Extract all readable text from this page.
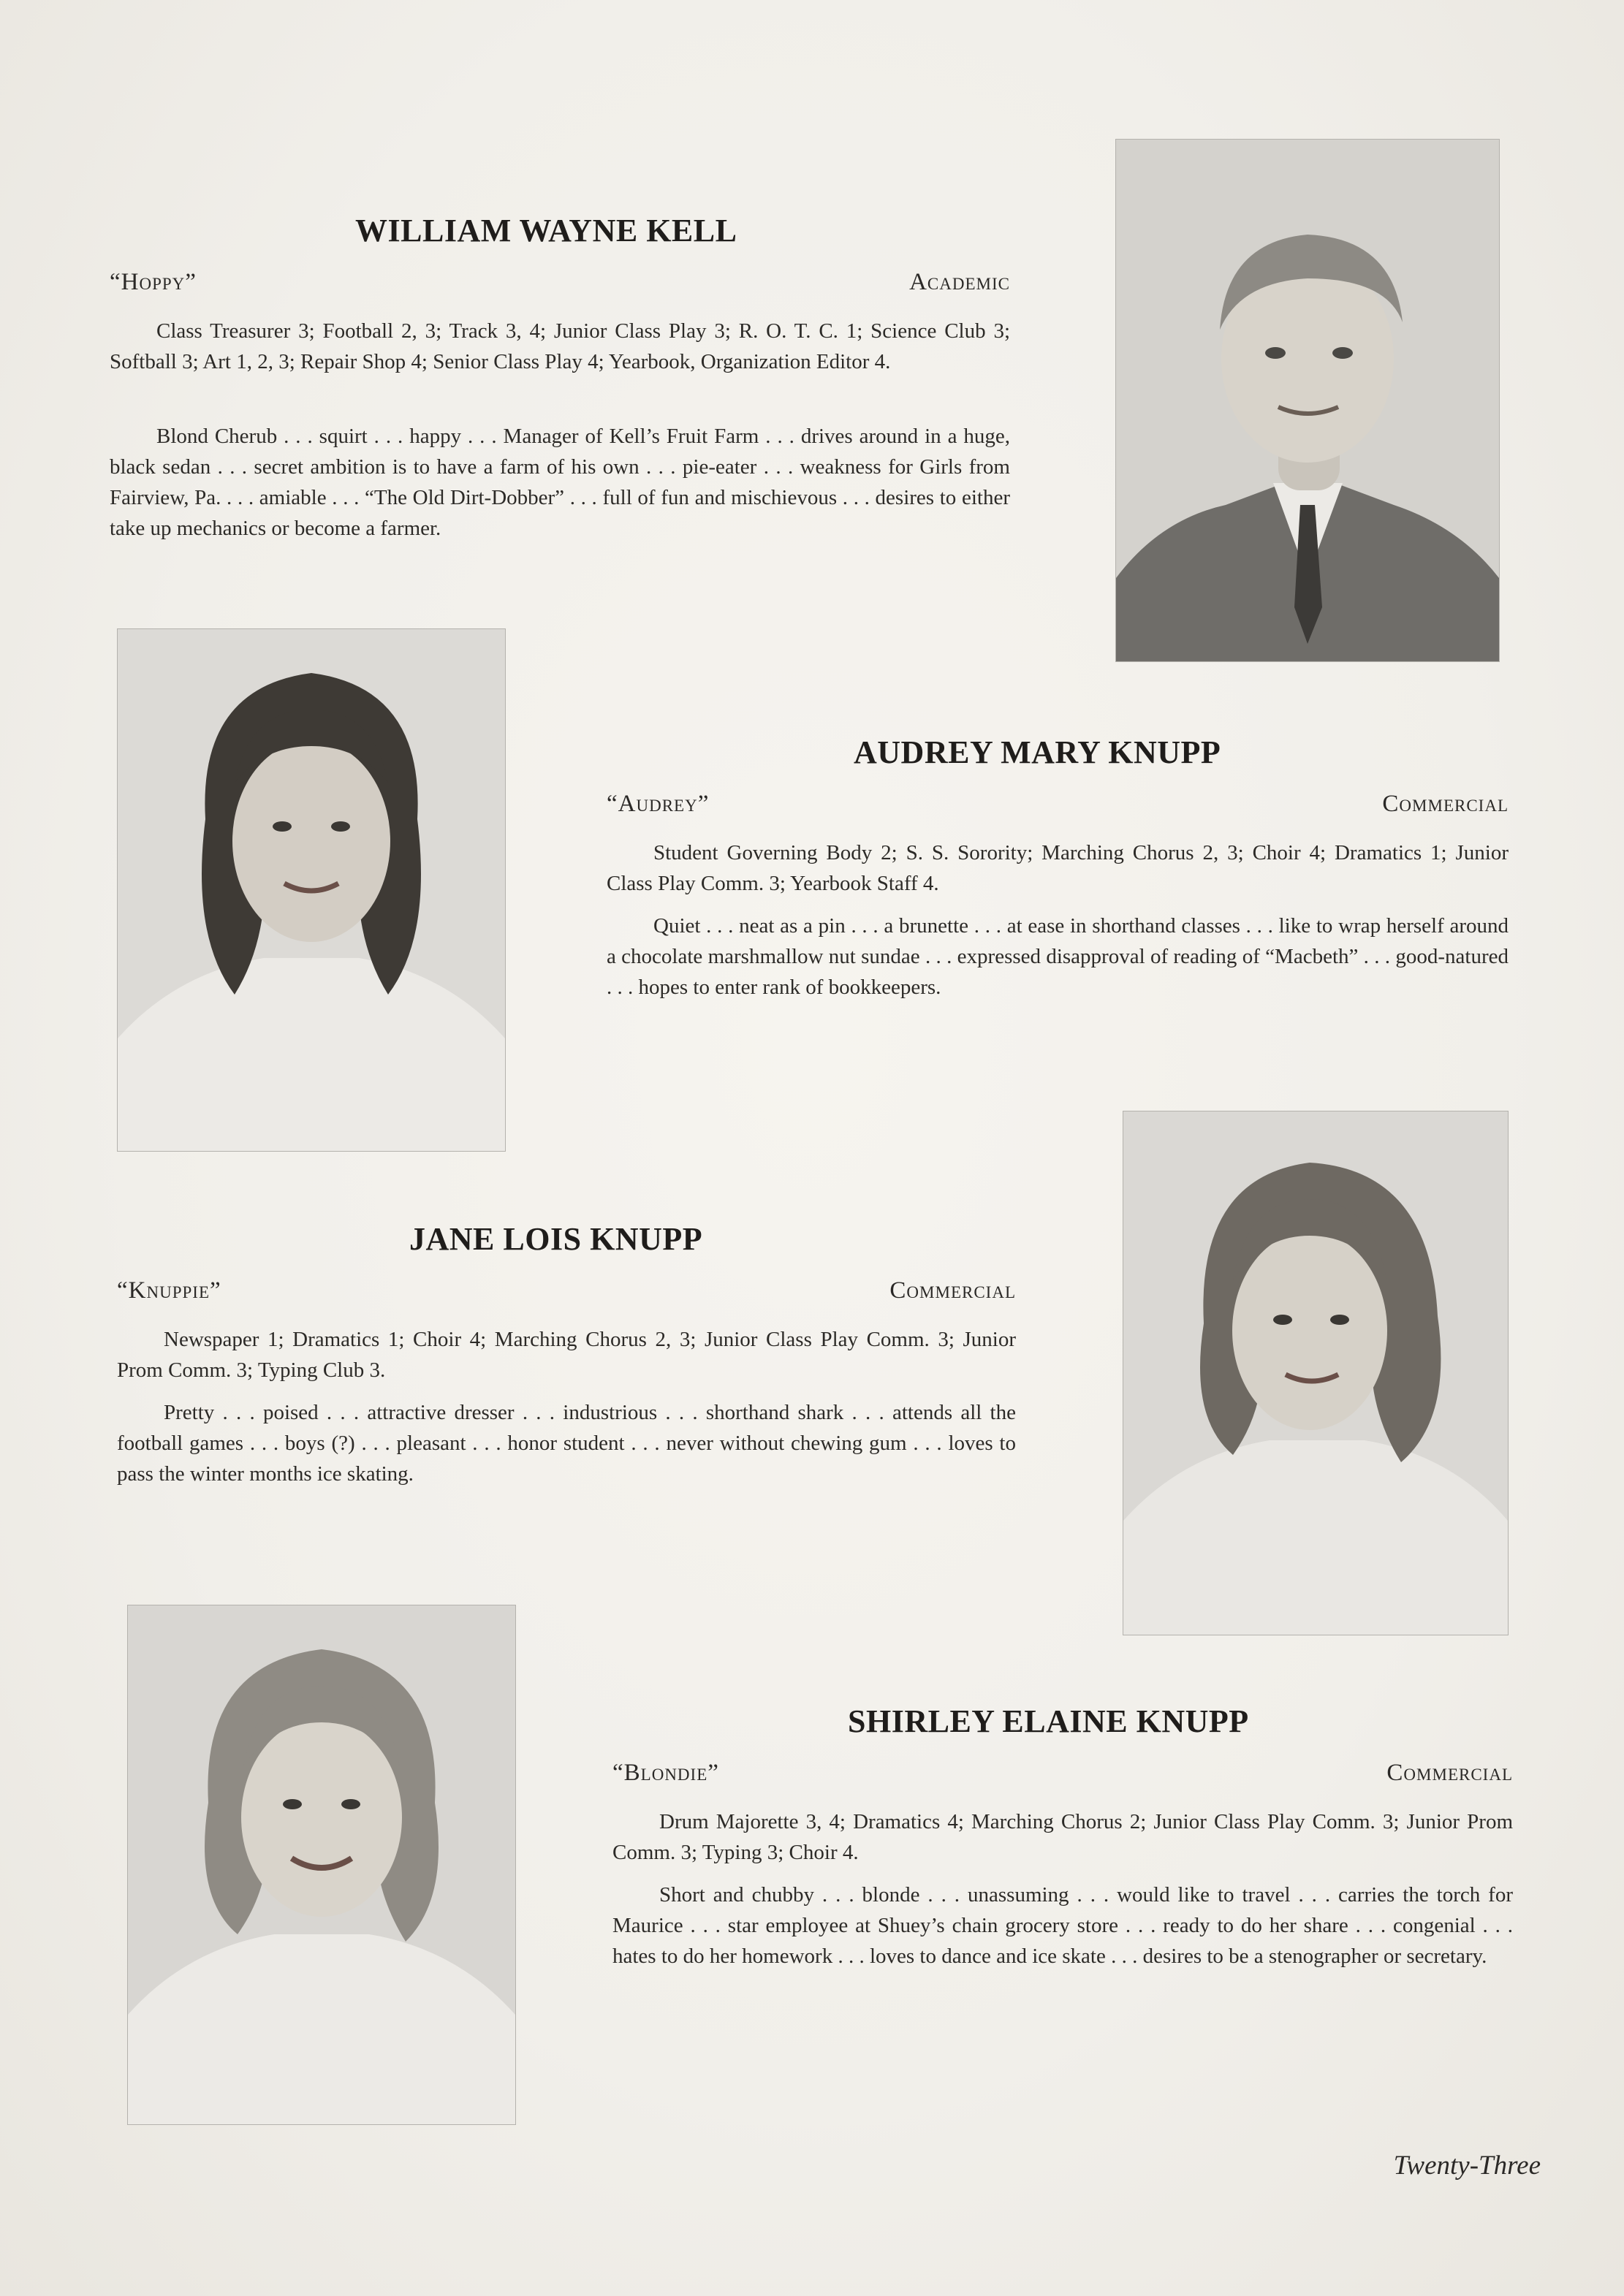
WILLIAM WAYNE KELL
“Hoppy”	Academic

Class Treasurer 3; Football 2, 3; Track 3, 4; Junior Class Play 3; R. O. T. C. 1; Science Club 3; Softball 3; Art 1, 2, 3; Repair Shop 4; Senior Class Play 4; Yearbook, Organization Editor 4.

Blond Cherub . . . squirt . . . happy . . . Manager of Kell’s Fruit Farm . . . drives around in a huge, black sedan . . . secret ambition is to have a farm of his own . . . pie-eater . . . weakness for Girls from Fairview, Pa. . . . amiable . . . “The Old Dirt-Dobber” . . . full of fun and mischievous . . . desires to either take up mechanics or become a farmer.

AUDREY MARY KNUPP
“Audrey”	Commercial

Student Governing Body 2; S. S. Sorority; Marching Chorus 2, 3; Choir 4; Dramatics 1; Junior Class Play Comm. 3; Yearbook Staff 4.

Quiet . . . neat as a pin . . . a brunette . . . at ease in shorthand classes . . . like to wrap herself around a chocolate marshmallow nut sundae . . . expressed disapproval of reading of “Macbeth” . . . good-natured . . . hopes to enter rank of bookkeepers.

JANE LOIS KNUPP
“Knuppie”	Commercial

Newspaper 1; Dramatics 1; Choir 4; Marching Chorus 2, 3; Junior Class Play Comm. 3; Junior Prom Comm. 3; Typing Club 3.

Pretty . . . poised . . . attractive dresser . . . industrious . . . shorthand shark . . . attends all the football games . . . boys (?) . . . pleasant . . . honor student . . . never without chewing gum . . . loves to pass the winter months ice skating.

SHIRLEY ELAINE KNUPP
“Blondie”	Commercial

Drum Majorette 3, 4; Dramatics 4; Marching Chorus 2; Junior Class Play Comm. 3; Junior Prom Comm. 3; Typing 3; Choir 4.

Short and chubby . . . blonde . . . unassuming . . . would like to travel . . . carries the torch for Maurice . . . star employee at Shuey’s chain grocery store . . . ready to do her share . . . congenial . . . hates to do her homework . . . loves to dance and ice skate . . . desires to be a stenographer or secretary.

Twenty-Three
